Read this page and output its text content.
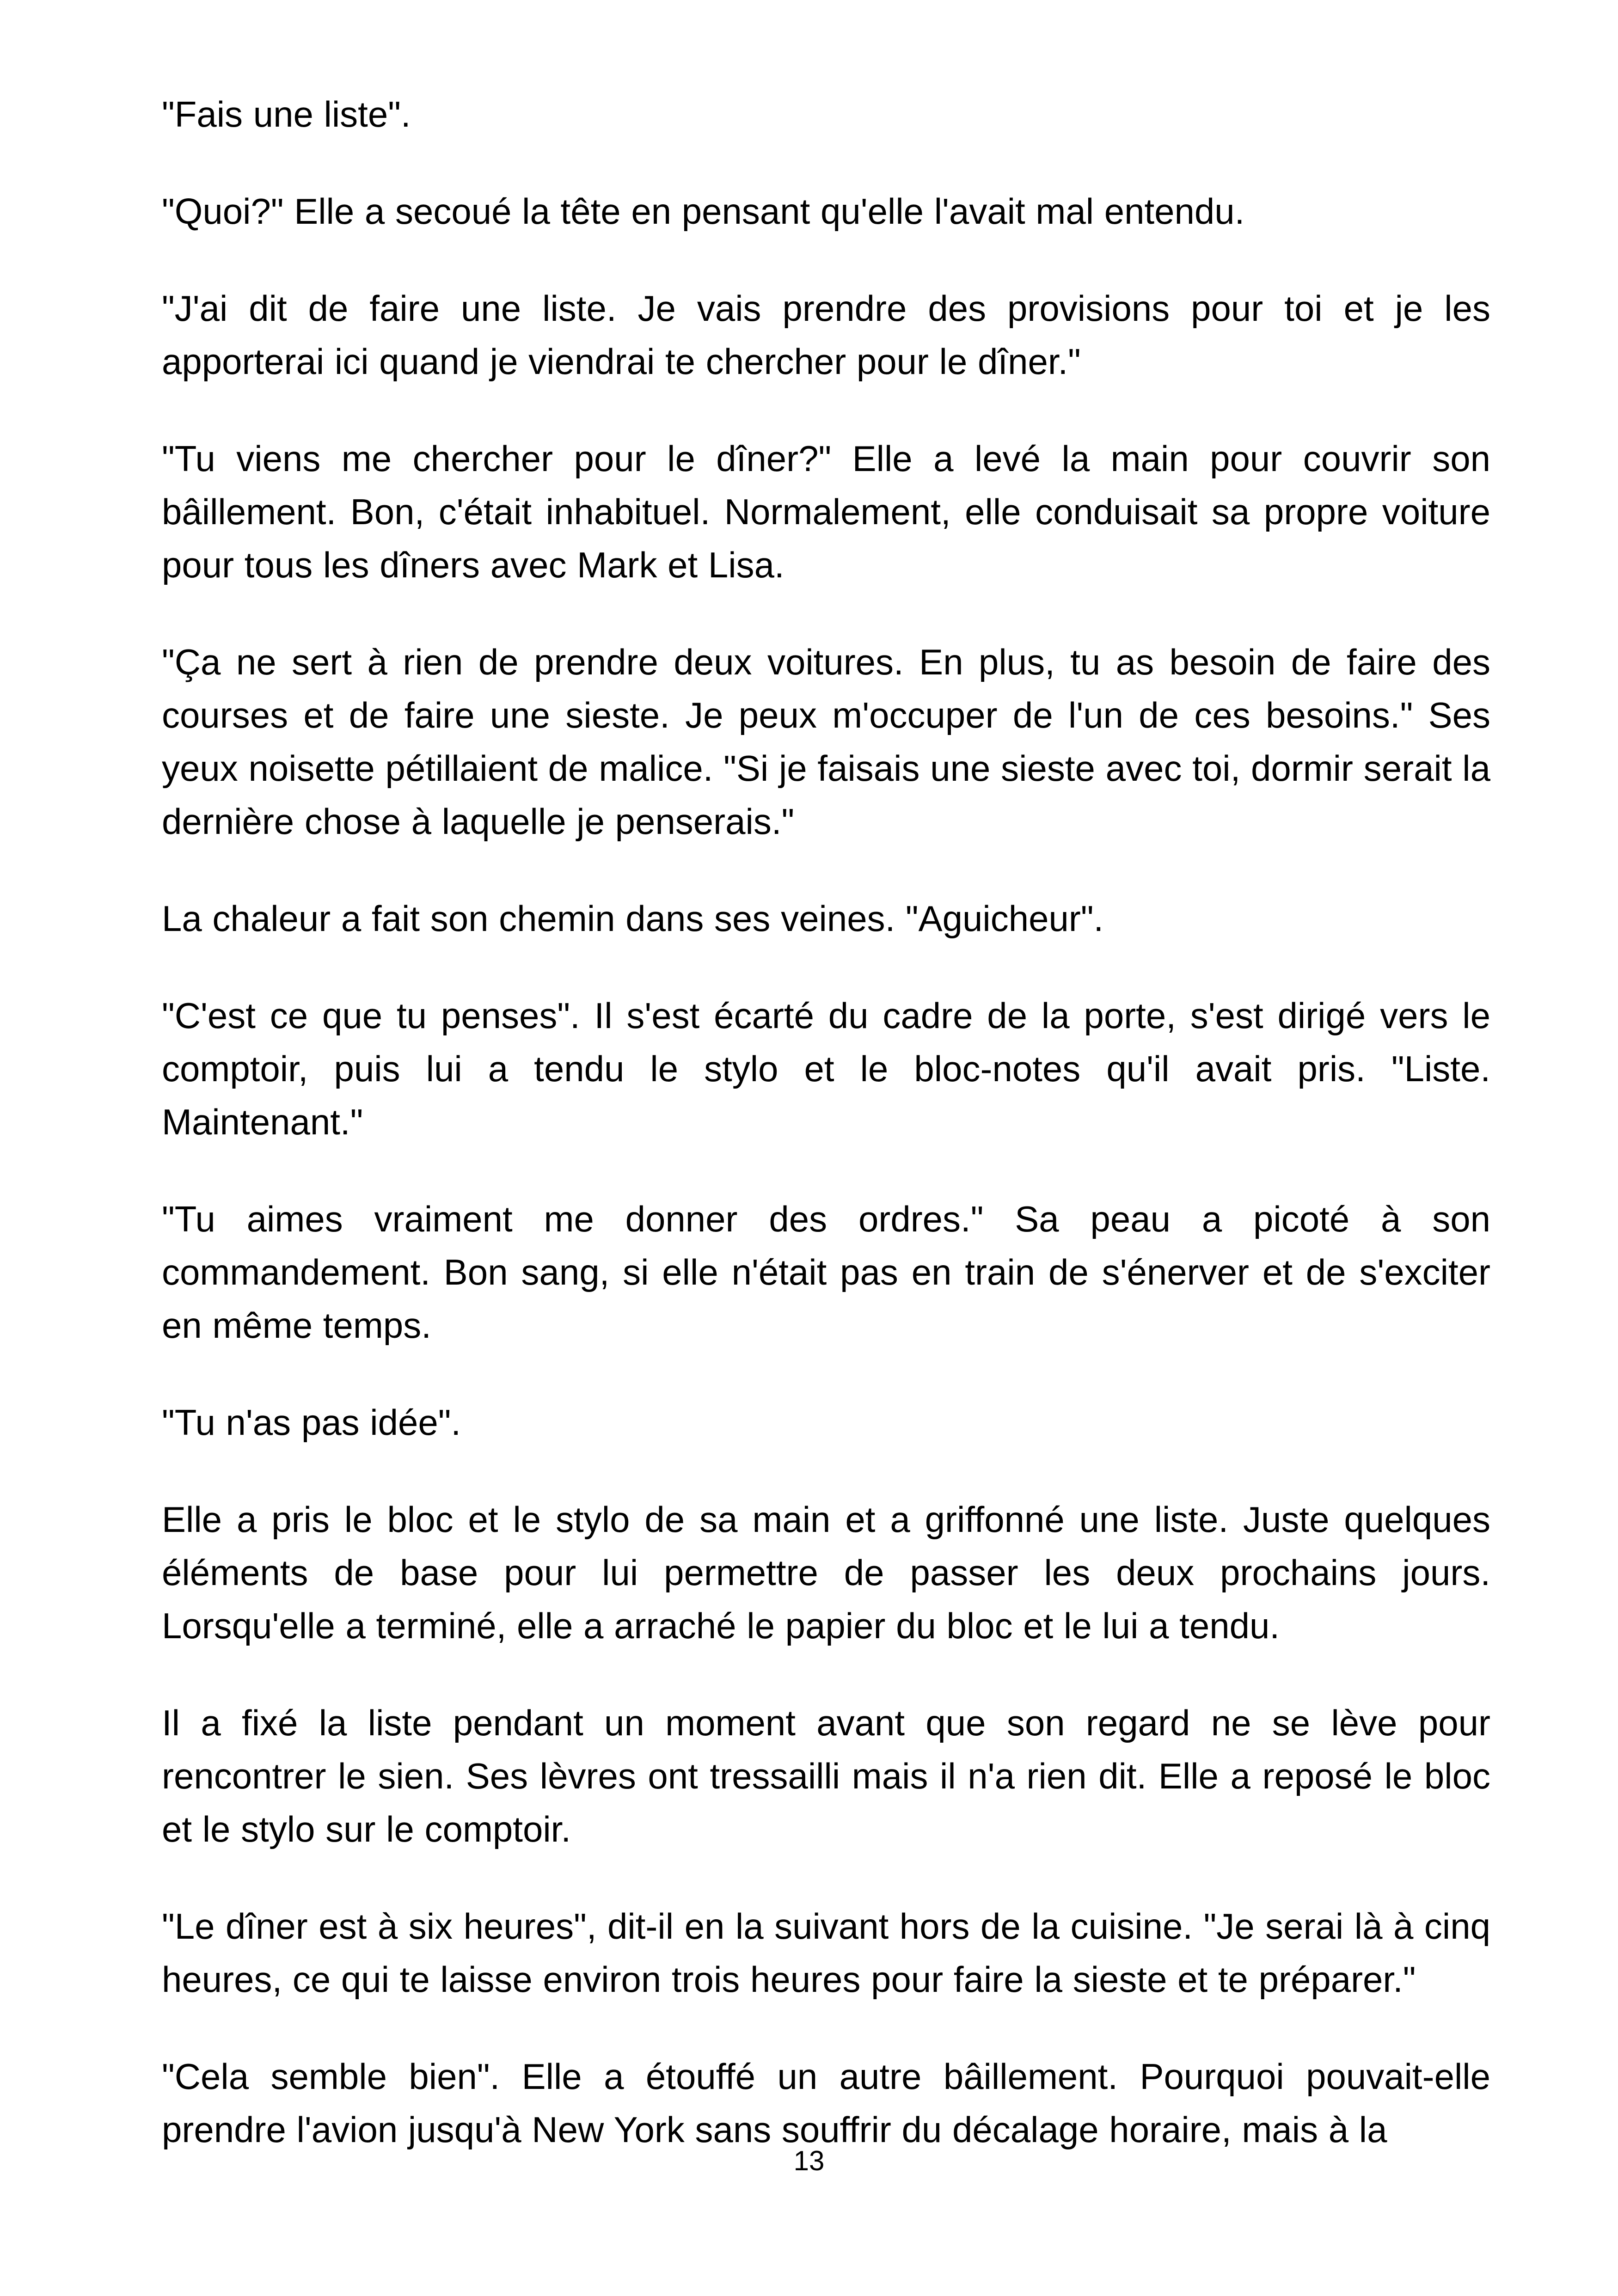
"Fais une liste".

"Quoi?" Elle a secoué la tête en pensant qu'elle l'avait mal entendu.

"J'ai dit de faire une liste. Je vais prendre des provisions pour toi et je les apporterai ici quand je viendrai te chercher pour le dîner."

"Tu viens me chercher pour le dîner?" Elle a levé la main pour couvrir son bâillement. Bon, c'était inhabituel. Normalement, elle conduisait sa propre voiture pour tous les dîners avec Mark et Lisa.

"Ça ne sert à rien de prendre deux voitures. En plus, tu as besoin de faire des courses et de faire une sieste. Je peux m'occuper de l'un de ces besoins." Ses yeux noisette pétillaient de malice. "Si je faisais une sieste avec toi, dormir serait la dernière chose à laquelle je penserais."

La chaleur a fait son chemin dans ses veines. "Aguicheur".

"C'est ce que tu penses". Il s'est écarté du cadre de la porte, s'est dirigé vers le comptoir, puis lui a tendu le stylo et le bloc-notes qu'il avait pris. "Liste. Maintenant."

"Tu aimes vraiment me donner des ordres." Sa peau a picoté à son commandement. Bon sang, si elle n'était pas en train de s'énerver et de s'exciter en même temps.

"Tu n'as pas idée".

Elle a pris le bloc et le stylo de sa main et a griffonné une liste. Juste quelques éléments de base pour lui permettre de passer les deux prochains jours. Lorsqu'elle a terminé, elle a arraché le papier du bloc et le lui a tendu.

Il a fixé la liste pendant un moment avant que son regard ne se lève pour rencontrer le sien. Ses lèvres ont tressailli mais il n'a rien dit. Elle a reposé le bloc et le stylo sur le comptoir.

"Le dîner est à six heures", dit-il en la suivant hors de la cuisine. "Je serai là à cinq heures, ce qui te laisse environ trois heures pour faire la sieste et te préparer."

"Cela semble bien". Elle a étouffé un autre bâillement. Pourquoi pouvait-elle prendre l'avion jusqu'à New York sans souffrir du décalage horaire, mais à la

13
